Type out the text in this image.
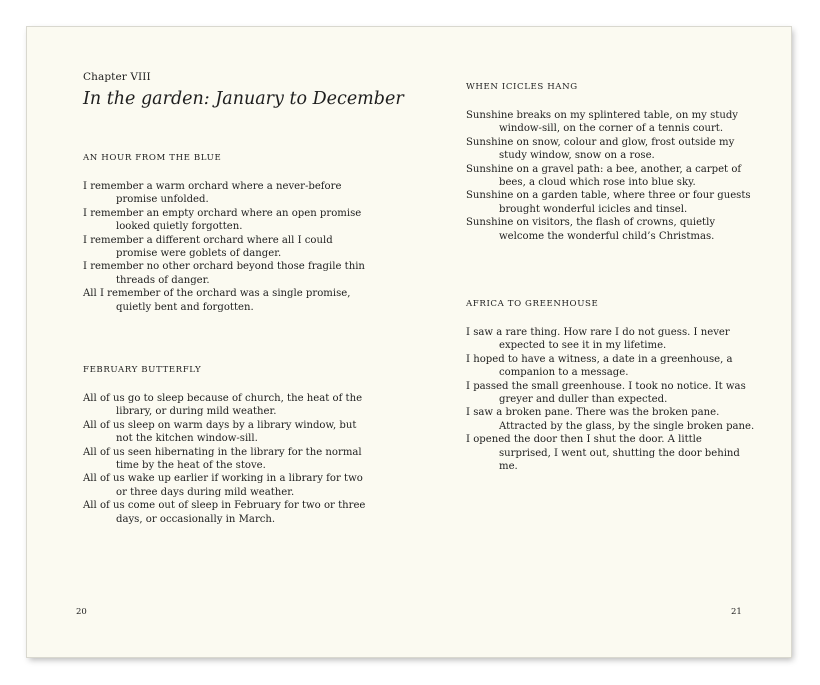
Chapter VIII
In the garden: January to December
AN HOUR FROM THE BLUE
I remember a warm orchard where a never-before promise unfolded.
I remember an empty orchard where an open promise looked quietly forgotten.
I remember a different orchard where all I could promise were goblets of danger.
I remember no other orchard beyond those fragile thin threads of danger.
All I remember of the orchard was a single promise, quietly bent and forgotten.
FEBRUARY BUTTERFLY
All of us go to sleep because of church, the heat of the library, or during mild weather.
All of us sleep on warm days by a library window, but not the kitchen window-sill.
All of us seen hibernating in the library for the normal time by the heat of the stove.
All of us wake up earlier if working in a library for two or three days during mild weather.
All of us come out of sleep in February for two or three days, or occasionally in March.
20
WHEN ICICLES HANG
Sunshine breaks on my splintered table, on my study window-sill, on the corner of a tennis court.
Sunshine on snow, colour and glow, frost outside my study window, snow on a rose.
Sunshine on a gravel path: a bee, another, a carpet of bees, a cloud which rose into blue sky.
Sunshine on a garden table, where three or four guests brought wonderful icicles and tinsel.
Sunshine on visitors, the flash of crowns, quietly welcome the wonderful child’s Christmas.
AFRICA TO GREENHOUSE
I saw a rare thing. How rare I do not guess. I never expected to see it in my lifetime.
I hoped to have a witness, a date in a greenhouse, a companion to a message.
I passed the small greenhouse. I took no notice. It was greyer and duller than expected.
I saw a broken pane. There was the broken pane. Attracted by the glass, by the single broken pane.
I opened the door then I shut the door. A little surprised, I went out, shutting the door behind me.
21
